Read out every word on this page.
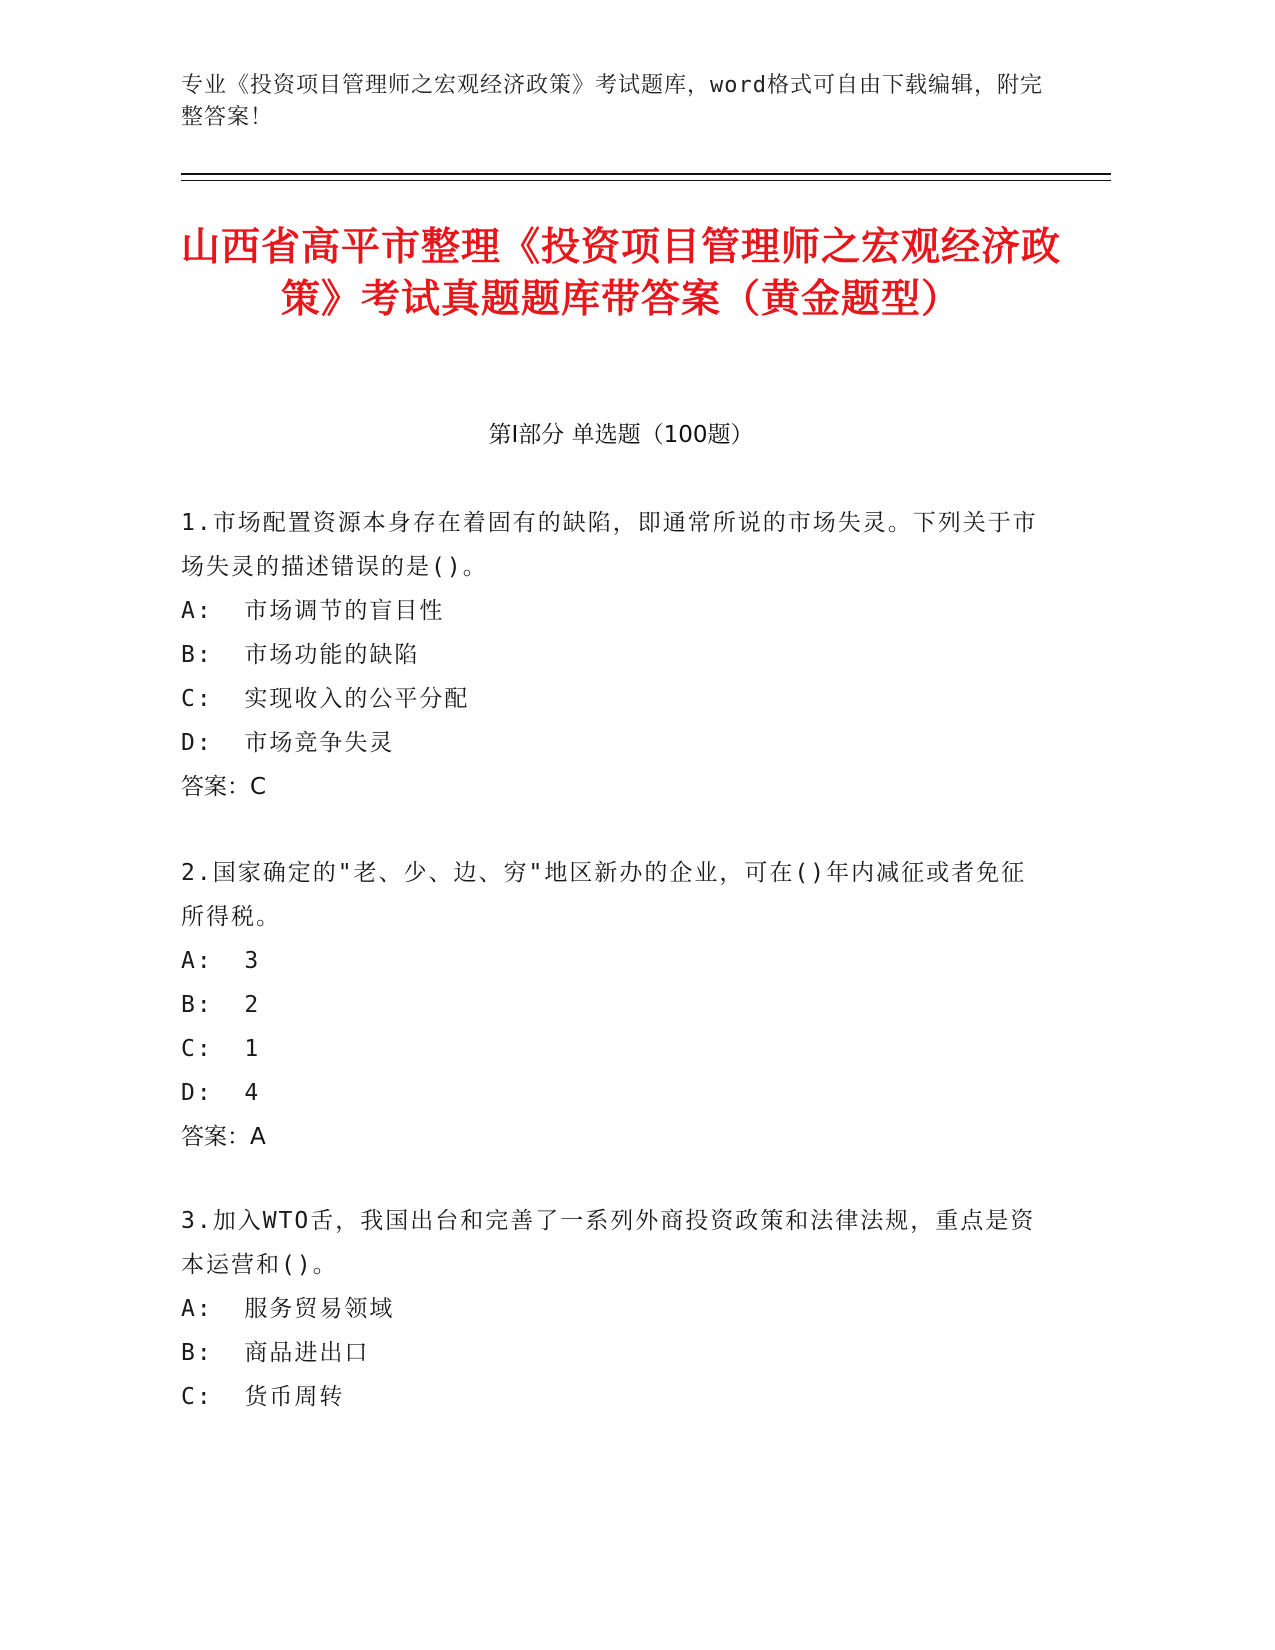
专业《投资项目管理师之宏观经济政策》考试题库，word格式可自由下载编辑，附完整答案！
山西省高平市整理《投资项目管理师之宏观经济政策》考试真题题库带答案（黄金题型）
第Ⅰ部分 单选题（100题）
1.市场配置资源本身存在着固有的缺陷，即通常所说的市场失灵。下列关于市场失灵的描述错误的是()。
A:  市场调节的盲目性
B:  市场功能的缺陷
C:  实现收入的公平分配
D:  市场竞争失灵
答案：C
2.国家确定的"老、少、边、穷"地区新办的企业，可在()年内减征或者免征所得税。
A:  3
B:  2
C:  1
D:  4
答案：A
3.加入WTO舌，我国出台和完善了一系列外商投资政策和法律法规，重点是资本运营和()。
A:  服务贸易领域
B:  商品进出口
C:  货币周转
